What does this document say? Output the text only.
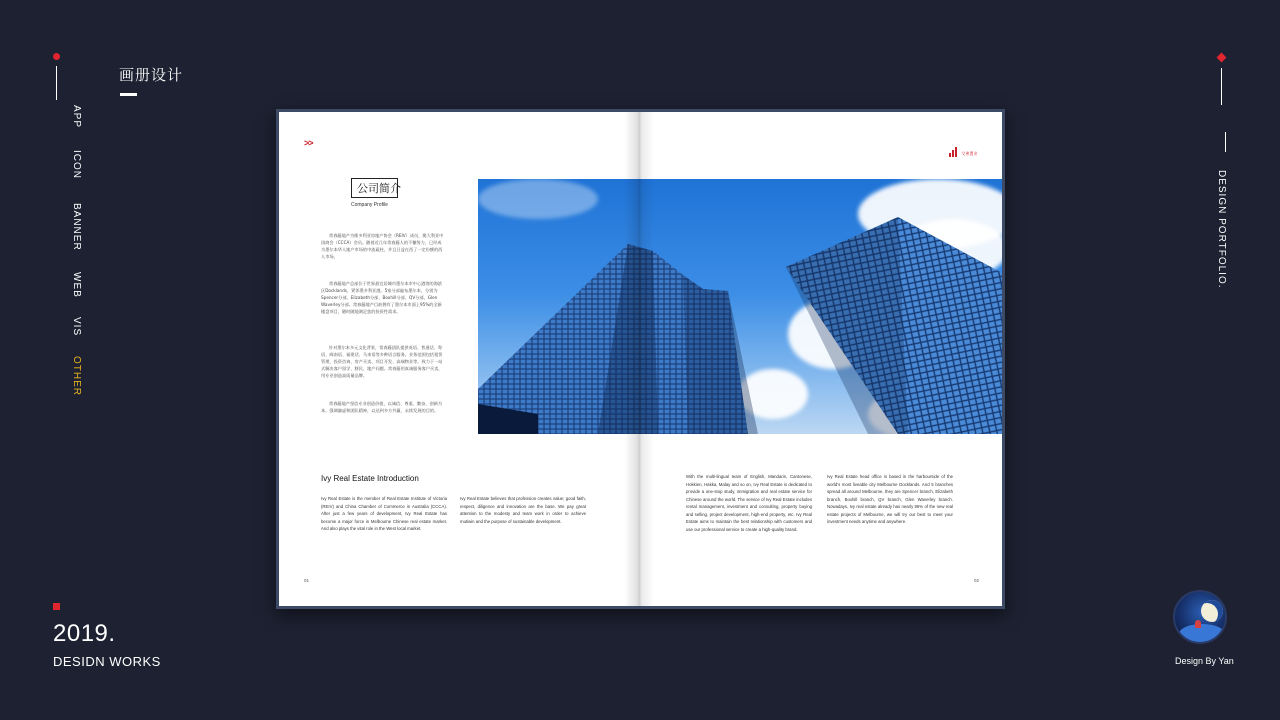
画册设计
APP
ICON
BANNER
WEB
VIS
OTHER
2019.
DESIDN WORKS
DESIGN PORTFOLIO.
Design By Yan
>>
艾弗置业
公司简介
Company Profile
常春藤地产为维多利亚房地产协会（REIV）成员，澳大利亚中国商会（CCCA）会员。随着近几年常春藤人的不懈努力，已经成为墨尔本华人地产市场的中流砥柱，并且日益在西了一定份额的西人市场。
常春藤地产总部位于世界最宜居城市墨尔本市中心港湾的海滨区Docklands，紧邻墨多利亚港。5家分部遍布墨尔本，分别为Spencer分部、Elizabeth分部、Boxhill分部、QV分部、Glen Waverley分部。常春藤地产目前拥有了墨尔本市面上95%的全新楼盘项目，随时随地满足您的投资性需求。
针对墨尔本多元文化背景，常春藤团队提供英语、普通话、粤语、闽南语、福建话、马来语等多种语言服务。业务范围包括租赁管理、投资咨询、房产买卖、项目开发、高端物业等。致力于一站式解决客户留学、移民、地产问题。常春藤用真诚服务客户买卖，用专业创造高质量品牌。
常春藤地产坚信专业创造价值，以诚信、尊重、勤奋、创新为本。强调谦虚和团队精神，以达到多方共赢、永续发展的目的。
Ivy Real Estate Introduction
Ivy Real Estate is the member of Real Estate Institute of Victoria (REIV) and China Chamber of Commerce in Australia (CCCA). After just a few years of development, Ivy Real Estate has become a major force in Melbourne Chinese real estate market. And also plays the vital role in the West local market.
Ivy Real Estate believes that profession creates value; good faith, respect, diligence and innovation are the base. We pay great attention to the modesty and team work in order to achieve mutiwin and the purpose of sustainable development.
With the multi-lingual team of English, Mandarin, Cantonese, Hokkien, Hakka, Malay and so on, Ivy Real Estate is dedicated to provide a one-stop study, immigration and real estate service for Chinese around the world. The service of Ivy Real Estate includes rental management, investment and consulting, property buying and selling, project development, high-end property, etc. Ivy Real Estate aims to maintain the best relationship with customers and use our professional service to create a high-quality brand.
Ivy Real Estate head office is based in the harbourside of the world's most liveable city Melbourne Docklands. And 5 branches spread all around Melbourne, they are Spencer branch, Elizabeth branch, Boxhill branch, QV branch, Glen Waverley branch. Nowadays, Ivy real estate already has nearly 95% of the new real estate projects of Melbourne, we will try our best to meet your investment needs anytime and anywhere.
01	02
